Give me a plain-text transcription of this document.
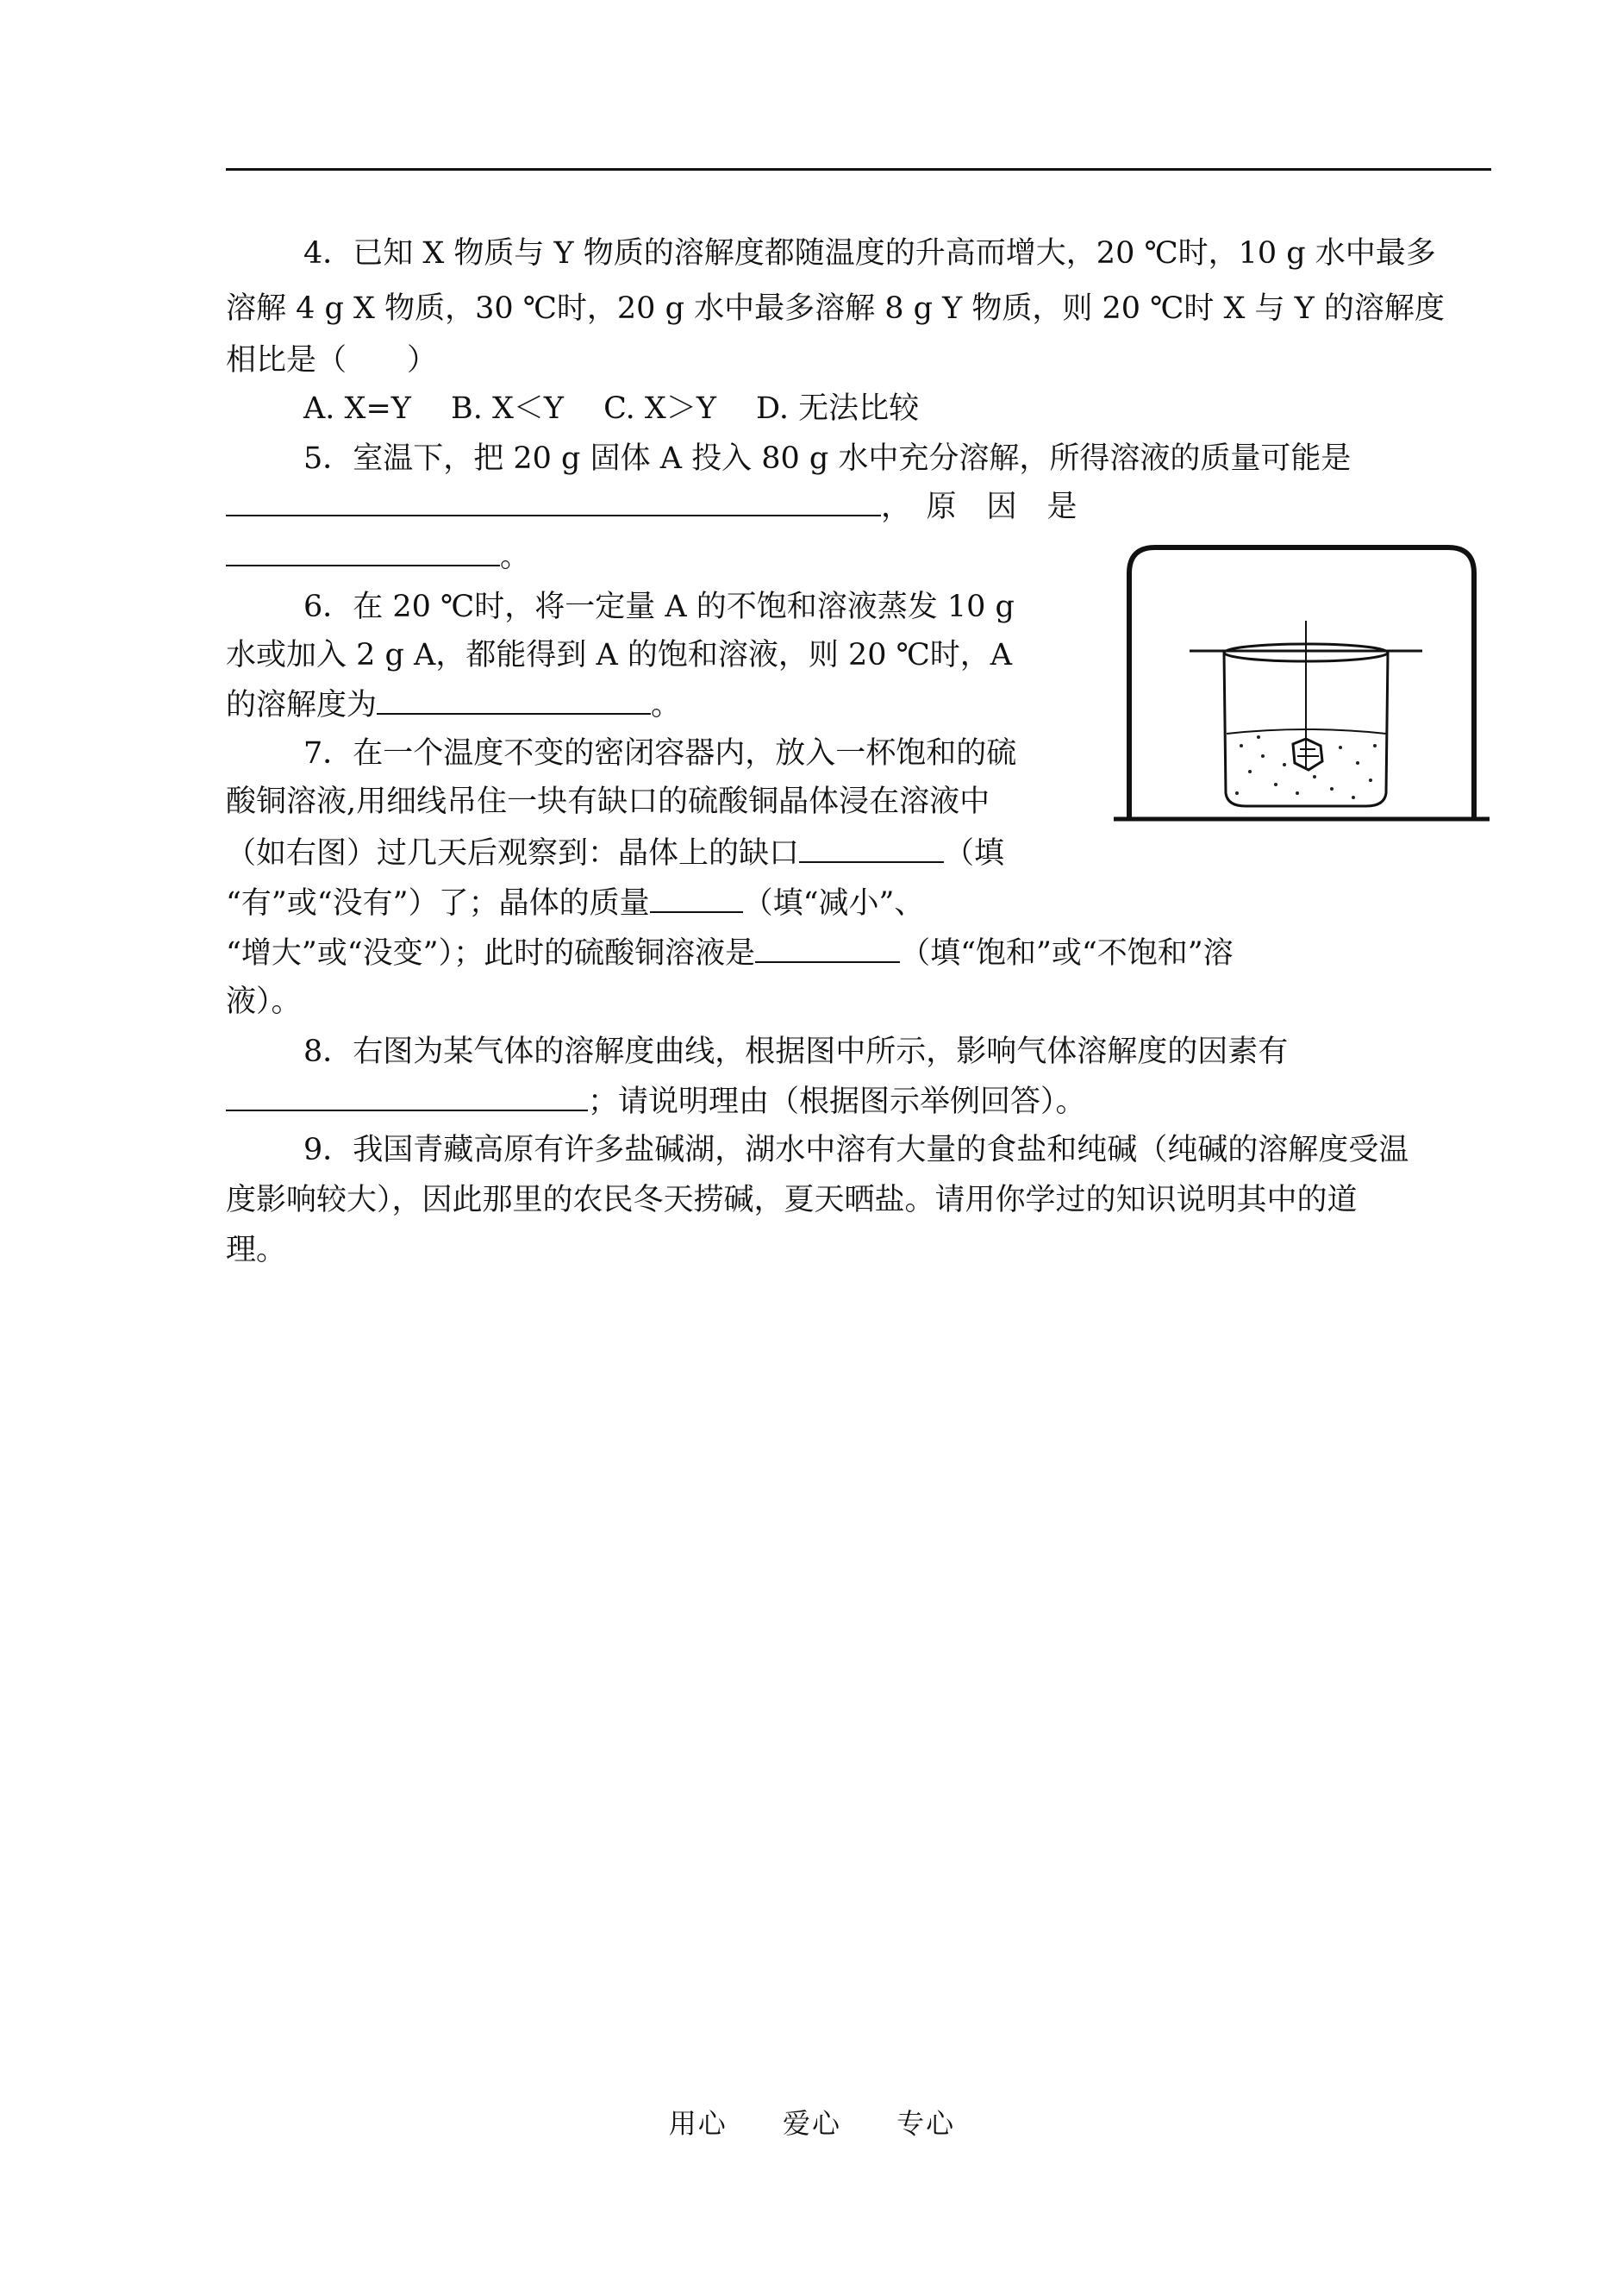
4．已知 X 物质与 Y 物质的溶解度都随温度的升高而增大，20 ℃时，10 g 水中最多

溶解 4 g X 物质，30 ℃时，20 g 水中最多溶解 8 g Y 物质，则 20 ℃时 X 与 Y 的溶解度

相比是（　　）

A. X=Y　 B. X＜Y　 C. X＞Y　 D. 无法比较

5．室温下，把 20 g 固体 A 投入 80 g 水中充分溶解，所得溶液的质量可能是

，　原　因　是

。

6．在 20 ℃时，将一定量 A 的不饱和溶液蒸发 10 g

水或加入 2 g A，都能得到 A 的饱和溶液，则 20 ℃时，A

的溶解度为	。

7．在一个温度不变的密闭容器内，放入一杯饱和的硫

酸铜溶液,用细线吊住一块有缺口的硫酸铜晶体浸在溶液中

（如右图）过几天后观察到：晶体上的缺口	（填

“有”或“没有”）了；晶体的质量	（填“减小”、

“增大”或“没变”）；此时的硫酸铜溶液是	（填“饱和”或“不饱和”溶

液）。

8．右图为某气体的溶解度曲线，根据图中所示，影响气体溶解度的因素有

；请说明理由（根据图示举例回答）。

9．我国青藏高原有许多盐碱湖，湖水中溶有大量的食盐和纯碱（纯碱的溶解度受温

度影响较大），因此那里的农民冬天捞碱，夏天晒盐。请用你学过的知识说明其中的道

理。

用心 爱心 专心
